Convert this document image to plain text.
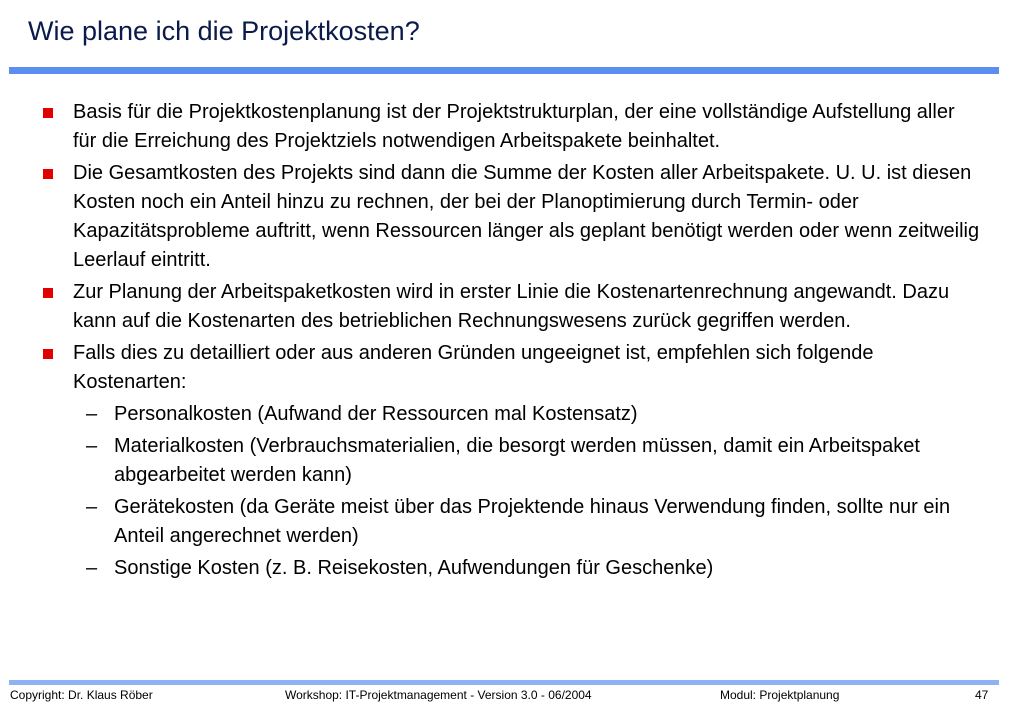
Wie plane ich die Projektkosten?
Basis für die Projektkostenplanung ist der Projektstrukturplan, der eine vollständige Aufstellung aller für die Erreichung des Projektziels notwendigen Arbeitspakete beinhaltet.
Die Gesamtkosten des Projekts sind dann die Summe der Kosten aller Arbeitspakete. U. U. ist diesen Kosten noch ein Anteil hinzu zu rechnen, der bei der Planoptimierung durch Termin- oder Kapazitätsprobleme auftritt, wenn Ressourcen länger als geplant benötigt werden oder wenn zeitweilig Leerlauf eintritt.
Zur Planung der Arbeitspaketkosten wird in erster Linie die Kostenartenrechnung angewandt. Dazu kann auf die Kostenarten des betrieblichen Rechnungswesens zurück gegriffen werden.
Falls dies zu detailliert oder aus anderen Gründen ungeeignet ist, empfehlen sich folgende Kostenarten:
– Personalkosten (Aufwand der Ressourcen mal Kostensatz)
– Materialkosten (Verbrauchsmaterialien, die besorgt werden müssen, damit ein Arbeitspaket abgearbeitet werden kann)
– Gerätekosten (da Geräte meist über das Projektende hinaus Verwendung finden, sollte nur ein Anteil angerechnet werden)
– Sonstige Kosten (z. B. Reisekosten, Aufwendungen für Geschenke)
Copyright: Dr. Klaus Röber	Workshop: IT-Projektmanagement - Version 3.0 - 06/2004	Modul: Projektplanung	47
